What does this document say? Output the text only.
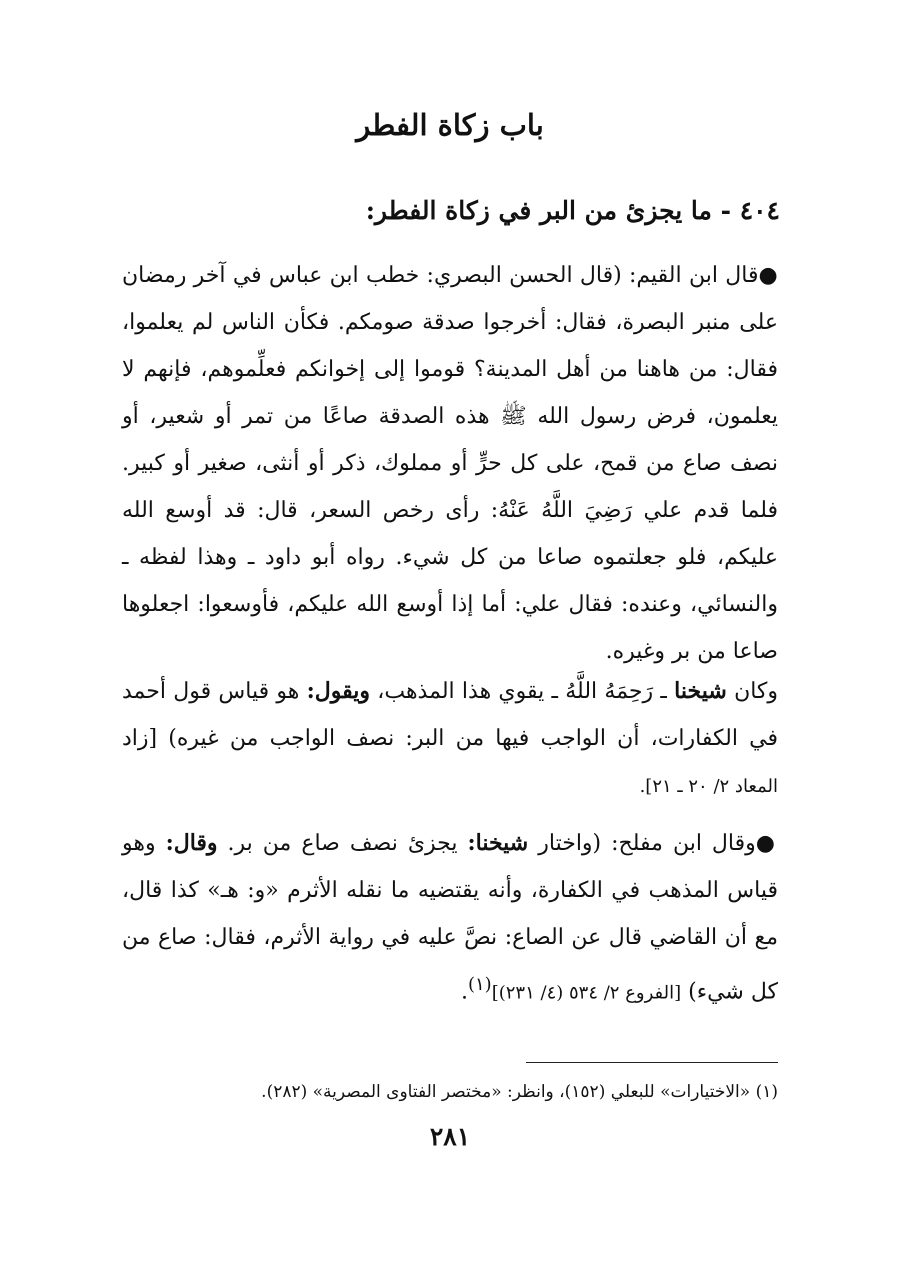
باب زكاة الفطر
٤٠٤ - ما يجزئ من البر في زكاة الفطر:

●قال ابن القيم: (قال الحسن البصري: خطب ابن عباس في آخر رمضان على منبر البصرة، فقال: أخرجوا صدقة صومكم. فكأن الناس لم يعلموا، فقال: من هاهنا من أهل المدينة؟ قوموا إلى إخوانكم فعلِّموهم، فإنهم لا يعلمون، فرض رسول الله ﷺ هذه الصدقة صاعًا من تمر أو شعير، أو نصف صاع من قمح، على كل حرٍّ أو مملوك، ذكر أو أنثى، صغير أو كبير. فلما قدم علي رَضِيَ اللَّهُ عَنْهُ: رأى رخص السعر، قال: قد أوسع الله عليكم، فلو جعلتموه صاعا من كل شيء. رواه أبو داود ـ وهذا لفظه ـ والنسائي، وعنده: فقال علي: أما إذا أوسع الله عليكم، فأوسعوا: اجعلوها صاعا من بر وغيره.

وكان شيخنا ـ رَحِمَهُ اللَّهُ ـ يقوي هذا المذهب، ويقول: هو قياس قول أحمد في الكفارات، أن الواجب فيها من البر: نصف الواجب من غيره) [زاد المعاد ٢/ ٢٠ ـ ٢١].

●وقال ابن مفلح: (واختار شيخنا: يجزئ نصف صاع من بر. وقال: وهو قياس المذهب في الكفارة، وأنه يقتضيه ما نقله الأثرم «و: هـ» كذا قال، مع أن القاضي قال عن الصاع: نصَّ عليه في رواية الأثرم، فقال: صاع من كل شيء) [الفروع ٢/ ٥٣٤ (٤/ ٢٣١)]$^{(١)}$.

(١) «الاختيارات» للبعلي (١٥٢)، وانظر: «مختصر الفتاوى المصرية» (٢٨٢).

٢٨١
